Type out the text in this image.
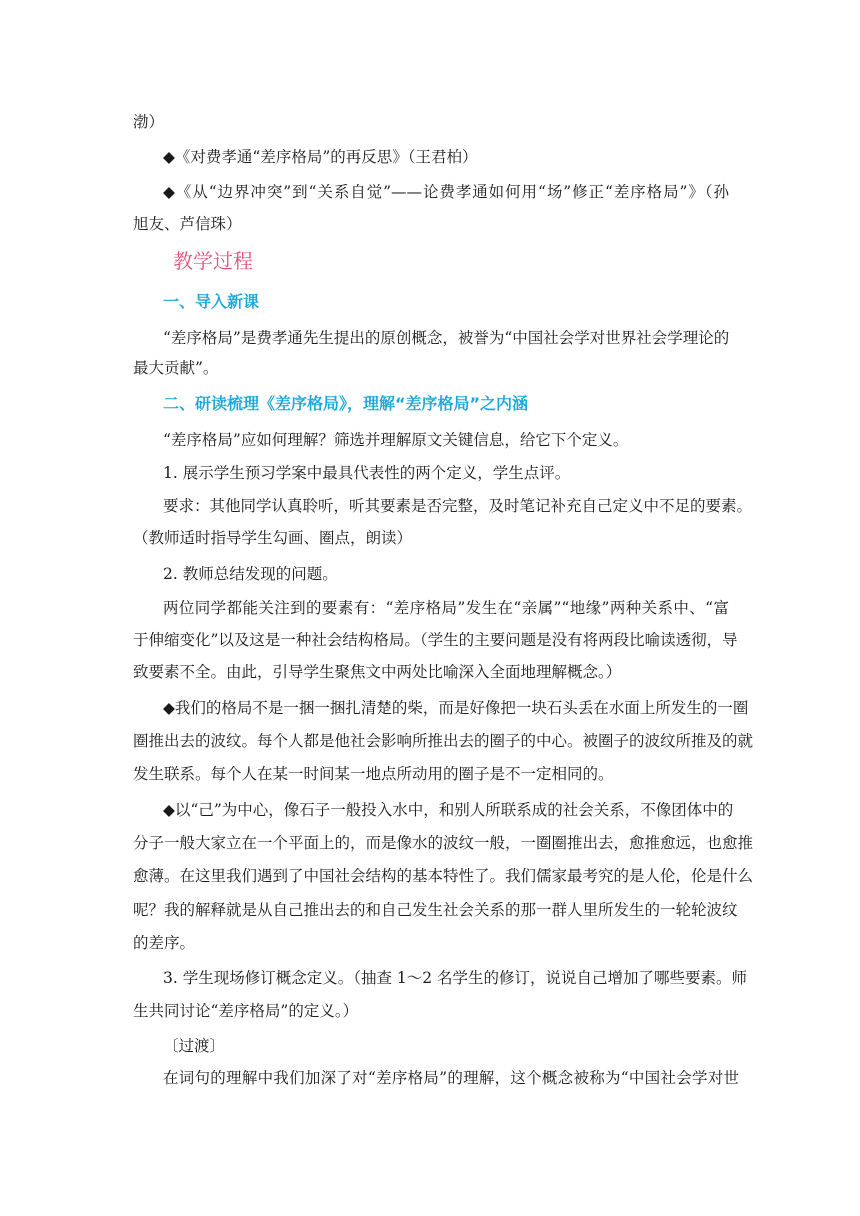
渤）
◆《对费孝通“差序格局”的再反思》（王君柏）
◆《从“边界冲突”到“关系自觉”——论费孝通如何用“场”修正“差序格局”》（孙
旭友、芦信珠）
教学过程
一、导入新课
“差序格局”是费孝通先生提出的原创概念，被誉为“中国社会学对世界社会学理论的
最大贡献”。
二、研读梳理《差序格局》，理解“差序格局”之内涵
“差序格局”应如何理解？筛选并理解原文关键信息，给它下个定义。
1. 展示学生预习学案中最具代表性的两个定义，学生点评。
要求：其他同学认真聆听，听其要素是否完整，及时笔记补充自己定义中不足的要素。
（教师适时指导学生勾画、圈点，朗读）
2. 教师总结发现的问题。
两位同学都能关注到的要素有：“差序格局”发生在“亲属”“地缘”两种关系中、“富
于伸缩变化”以及这是一种社会结构格局。（学生的主要问题是没有将两段比喻读透彻，导
致要素不全。由此，引导学生聚焦文中两处比喻深入全面地理解概念。）
◆我们的格局不是一捆一捆扎清楚的柴，而是好像把一块石头丢在水面上所发生的一圈
圈推出去的波纹。每个人都是他社会影响所推出去的圈子的中心。被圈子的波纹所推及的就
发生联系。每个人在某一时间某一地点所动用的圈子是不一定相同的。
◆以“己”为中心，像石子一般投入水中，和别人所联系成的社会关系，不像团体中的
分子一般大家立在一个平面上的，而是像水的波纹一般，一圈圈推出去，愈推愈远，也愈推
愈薄。在这里我们遇到了中国社会结构的基本特性了。我们儒家最考究的是人伦，伦是什么
呢？我的解释就是从自己推出去的和自己发生社会关系的那一群人里所发生的一轮轮波纹
的差序。
3. 学生现场修订概念定义。（抽查 1～2 名学生的修订，说说自己增加了哪些要素。师
生共同讨论“差序格局”的定义。）
〔过渡〕
在词句的理解中我们加深了对“差序格局”的理解，这个概念被称为“中国社会学对世
